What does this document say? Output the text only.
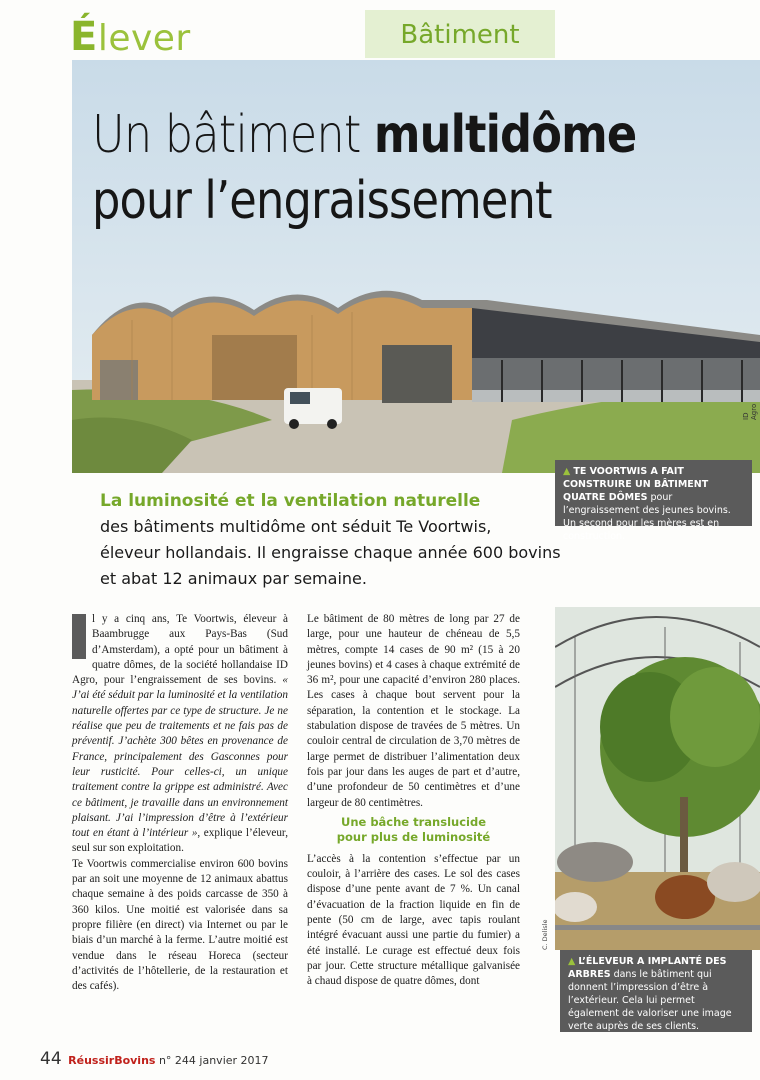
Élever	Bâtiment
Un bâtiment multidôme
pour l’engraissement
ID Agro
▲ TE VOORTWIS A FAIT CONSTRUIRE UN BÂTIMENT QUATRE DÔMES pour l’engraissement des jeunes bovins. Un second pour les mères est en construction.
La luminosité et la ventilation naturelle
des bâtiments multidôme ont séduit Te Voortwis,
éleveur hollandais. Il engraisse chaque année 600 bovins
et abat 12 animaux par semaine.

l y a cinq ans, Te Voortwis, éleveur à Baambrugge aux Pays-Bas (Sud d’Amsterdam), a opté pour un bâtiment à quatre dômes, de la société hollandaise ID Agro, pour l’engraissement de ses bovins. « J’ai été séduit par la luminosité et la ventilation naturelle offertes par ce type de structure. Je ne réalise que peu de traitements et ne fais pas de préventif. J’achète 300 bêtes en provenance de France, principalement des Gasconnes pour leur rusticité. Pour celles-ci, un unique traitement contre la grippe est administré. Avec ce bâtiment, je travaille dans un environnement plaisant. J’ai l’impression d’être à l’extérieur tout en étant à l’intérieur », explique l’éleveur, seul sur son exploitation.

Te Voortwis commercialise environ 600 bovins par an soit une moyenne de 12 animaux abattus chaque semaine à des poids carcasse de 350 à 360 kilos. Une moitié est valorisée dans sa propre filière (en direct) via Internet ou par le biais d’un marché à la ferme. L’autre moitié est vendue dans le réseau Horeca (secteur d’activités de l’hôtellerie, de la restauration et des cafés).

Le bâtiment de 80 mètres de long par 27 de large, pour une hauteur de chéneau de 5,5 mètres, compte 14 cases de 90 m² (15 à 20 jeunes bovins) et 4 cases à chaque extrémité de 36 m², pour une capacité d’environ 280 places. Les cases à chaque bout servent pour la séparation, la contention et le stockage. La stabulation dispose de travées de 5 mètres. Un couloir central de circulation de 3,70 mètres de large permet de distribuer l’alimentation deux fois par jour dans les auges de part et d’autre, d’une profondeur de 50 centimètres et d’une largeur de 80 centimètres.

Une bâche translucide
pour plus de luminosité

L’accès à la contention s’effectue par un couloir, à l’arrière des cases. Le sol des cases dispose d’une pente avant de 7 %. Un canal d’évacuation de la fraction liquide en fin de pente (50 cm de large, avec tapis roulant intégré évacuant aussi une partie du fumier) a été installé. Le curage est effectué deux fois par jour. Cette structure métallique galvanisée à chaud dispose de quatre dômes, dont

C. Delisle
▲ L’ÉLEVEUR A IMPLANTÉ DES ARBRES dans le bâtiment qui donnent l’impression d’être à l’extérieur. Cela lui permet également de valoriser une image verte auprès de ses clients.
44 RéussirBovins n° 244 janvier 2017
